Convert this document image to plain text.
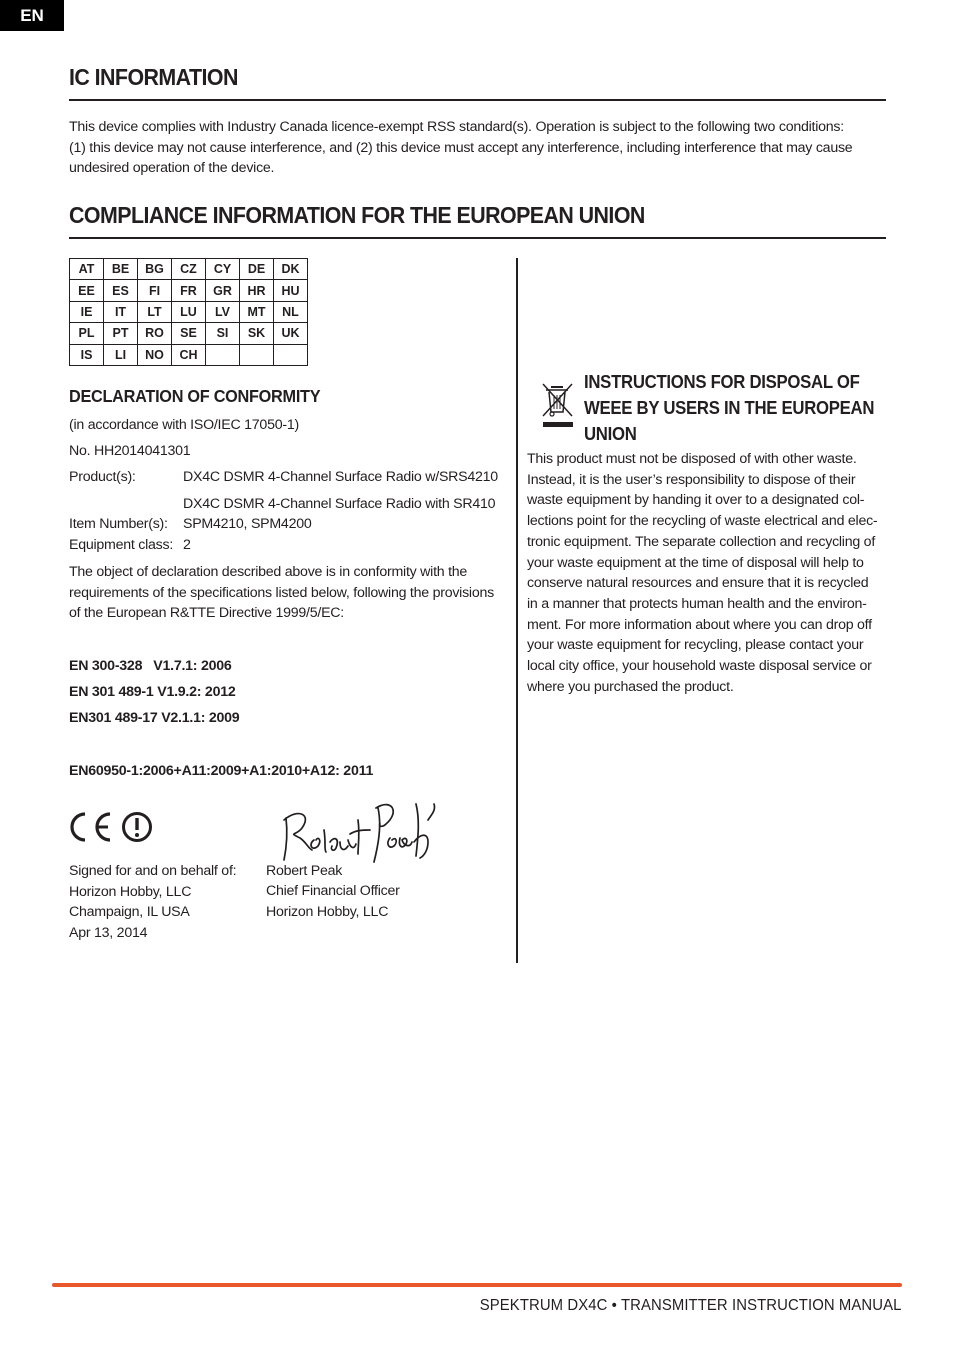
EN
IC INFORMATION

This device complies with Industry Canada licence-exempt RSS standard(s). Operation is subject to the following two conditions:

(1) this device may not cause interference, and (2) this device must accept any interference, including interference that may cause

undesired operation of the device.

COMPLIANCE INFORMATION FOR THE EUROPEAN UNION
AT	BE	BG	CZ	CY	DE	DK
EE	ES	FI	FR	GR	HR	HU
IE	IT	LT	LU	LV	MT	NL
PL	PT	RO	SE	SI	SK	UK
IS	LI	NO	CH			
DECLARATION OF CONFORMITY
(in accordance with ISO/IEC 17050-1)
No. HH2014041301
Product(s):	DX4C DSMR 4-Channel Surface Radio w/SRS4210
DX4C DSMR 4-Channel Surface Radio with SR410
Item Number(s): SPM4210, SPM4200
Equipment class: 2
The object of declaration described above is in conformity with the
requirements of the specifications listed below, following the provisions
of the European R&TTE Directive 1999/5/EC:
EN 300-328   V1.7.1: 2006
EN 301 489-1 V1.9.2: 2012
EN301 489-17 V2.1.1: 2009
EN60950-1:2006+A11:2009+A1:2010+A12: 2011
Signed for and on behalf of:
Horizon Hobby, LLC
Champaign, IL USA
Apr 13, 2014
Robert Peak
Chief Financial Officer
Horizon Hobby, LLC
INSTRUCTIONS FOR DISPOSAL OF
WEEE BY USERS IN THE EUROPEAN
UNION
This product must not be disposed of with other waste.
Instead, it is the user’s responsibility to dispose of their
waste equipment by handing it over to a designated col-
lections point for the recycling of waste electrical and elec-
tronic equipment. The separate collection and recycling of
your waste equipment at the time of disposal will help to
conserve natural resources and ensure that it is recycled
in a manner that protects human health and the environ-
ment. For more information about where you can drop off
your waste equipment for recycling, please contact your
local city office, your household waste disposal service or
where you purchased the product.
SPEKTRUM DX4C • TRANSMITTER INSTRUCTION MANUAL
